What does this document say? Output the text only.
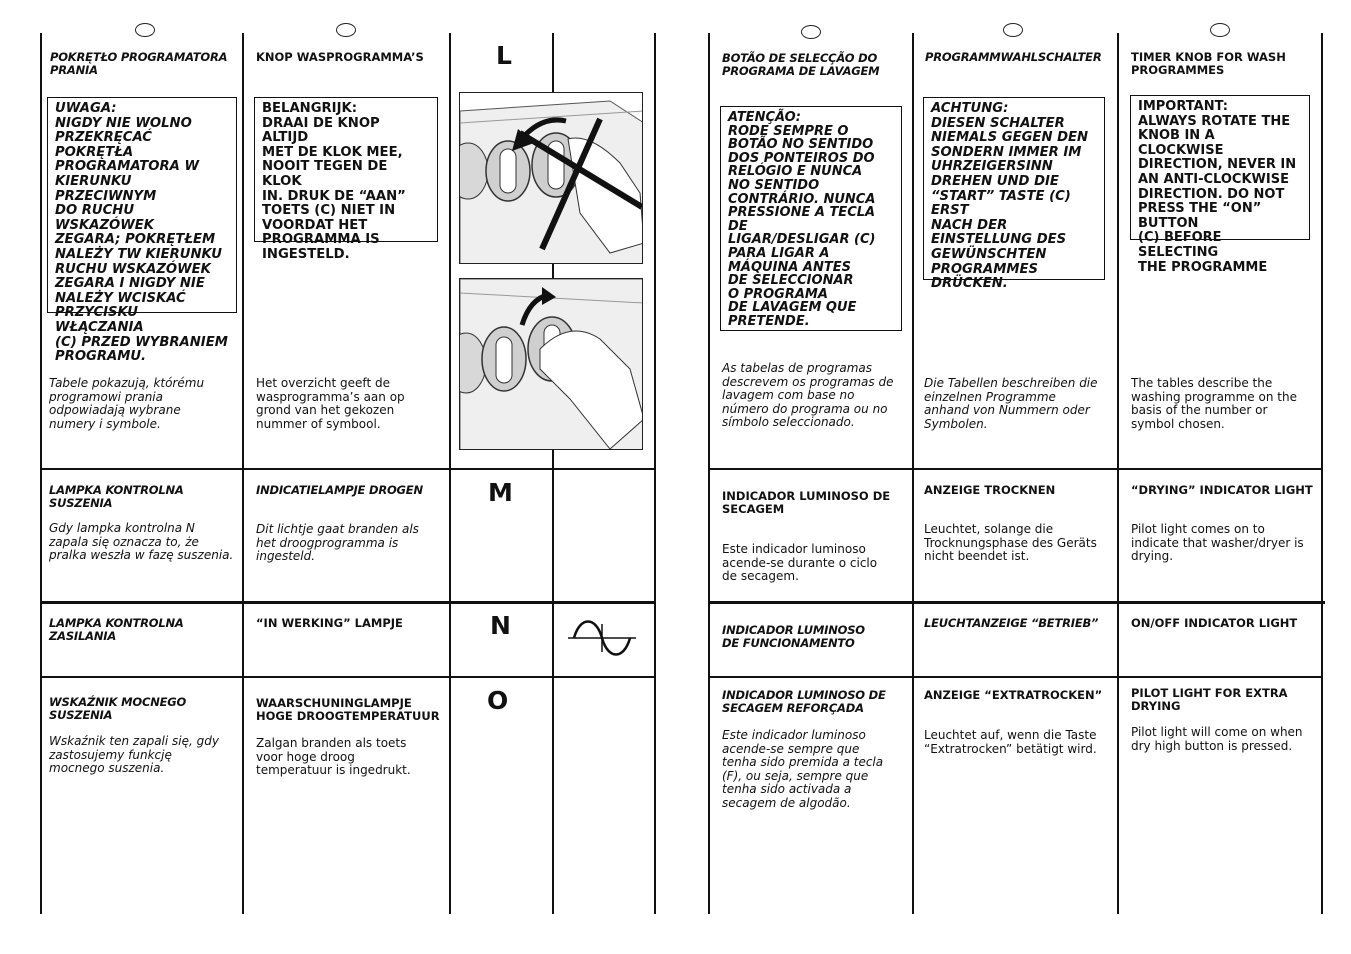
POKRĘTŁO PROGRAMATORA
PRANIA

UWAGA:
NIGDY NIE WOLNO
PRZEKRĘCAĆ POKRĘTŁA
PROGRAMATORA W
KIERUNKU PRZECIWNYM
DO RUCHU WSKAZÓWEK
ZEGARA; POKRĘTŁEM
NALEŻY TW KIERUNKU
RUCHU WSKAZÓWEK
ZEGARA I NIGDY NIE
NALEŻY WCISKAĆ
PRZYCISKU WŁĄCZANIA
(C) PRZED WYBRANIEM
PROGRAMU.

Tabele pokazują, którému
programowi prania
odpowiadają wybrane
numery i symbole.

LAMPKA KONTROLNA
SUSZENIA

Gdy lampka kontrolna N
zapala się oznacza to, że
pralka weszła w fazę suszenia.

LAMPKA KONTROLNA
ZASILANIA

WSKAŹNIK MOCNEGO
SUSZENIA

Wskaźnik ten zapali się, gdy
zastosujemy funkcję
mocnego suszenia.

KNOP WASPROGRAMMA’S

BELANGRIJK:
DRAAI DE KNOP ALTIJD
MET DE KLOK MEE,
NOOIT TEGEN DE KLOK
IN. DRUK DE “AAN”
TOETS (C) NIET IN
VOORDAT HET
PROGRAMMA IS
INGESTELD.

Het overzicht geeft de
wasprogramma’s aan op
grond van het gekozen
nummer of symbool.

INDICATIELAMPJE DROGEN

Dit lichtje gaat branden als
het droogprogramma is
ingesteld.

“IN WERKING” LAMPJE

WAARSCHUNINGLAMPJE
HOGE DROOGTEMPERATUUR

Zalgan branden als toets
voor hoge droog
temperatuur is ingedrukt.

L
M
N
O

BOTÃO DE SELECÇÃO DO
PROGRAMA DE LAVAGEM

ATENÇÃO:
RODE SEMPRE O
BOTÃO NO SENTIDO
DOS PONTEIROS DO
RELÓGIO E NUNCA
NO SENTIDO
CONTRÁRIO. NUNCA
PRESSIONE A TECLA DE
LIGAR/DESLIGAR (C)
PARA LIGAR A
MÁQUINA ANTES
DE SELECCIONAR
O PROGRAMA
DE LAVAGEM QUE
PRETENDE.

As tabelas de programas
descrevem os programas de
lavagem com base no
número do programa ou no
símbolo seleccionado.

INDICADOR LUMINOSO DE
SECAGEM

Este indicador luminoso
acende-se durante o ciclo
de secagem.

INDICADOR LUMINOSO
DE FUNCIONAMENTO

INDICADOR LUMINOSO DE
SECAGEM REFORÇADA

Este indicador luminoso
acende-se sempre que
tenha sido premida a tecla
(F), ou seja, sempre que
tenha sido activada a
secagem de algodão.

PROGRAMMWAHLSCHALTER

ACHTUNG:
DIESEN SCHALTER
NIEMALS GEGEN DEN
SONDERN IMMER IM
UHRZEIGERSINN
DREHEN UND DIE
“START” TASTE (C) ERST
NACH DER
EINSTELLUNG DES
GEWÜNSCHTEN
PROGRAMMES
DRÜCKEN.

Die Tabellen beschreiben die
einzelnen Programme
anhand von Nummern oder
Symbolen.

ANZEIGE TROCKNEN

Leuchtet, solange die
Trocknungsphase des Geräts
nicht beendet ist.

LEUCHTANZEIGE “BETRIEB”

ANZEIGE “EXTRATROCKEN”

Leuchtet auf, wenn die Taste
“Extratrocken” betätigt wird.

TIMER KNOB FOR WASH
PROGRAMMES

IMPORTANT:
ALWAYS ROTATE THE
KNOB IN A CLOCKWISE
DIRECTION, NEVER IN
AN ANTI-CLOCKWISE
DIRECTION. DO NOT
PRESS THE “ON” BUTTON
(C) BEFORE SELECTING
THE PROGRAMME

The tables describe the
washing programme on the
basis of the number or
symbol chosen.

“DRYING” INDICATOR LIGHT

Pilot light comes on to
indicate that washer/dryer is
drying.

ON/OFF INDICATOR LIGHT

PILOT LIGHT FOR EXTRA
DRYING

Pilot light will come on when
dry high button is pressed.
